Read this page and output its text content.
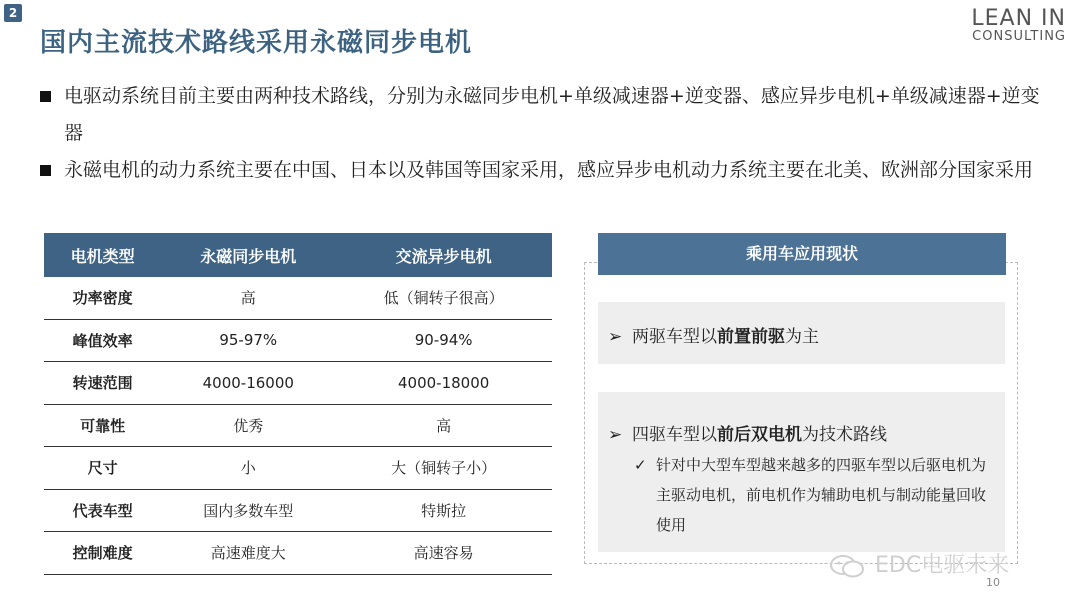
2
国内主流技术路线采用永磁同步电机
LEAN IN
CONSULTING
电驱动系统目前主要由两种技术路线，分别为永磁同步电机+单级减速器+逆变器、感应异步电机+单级减速器+逆变器
永磁电机的动力系统主要在中国、日本以及韩国等国家采用，感应异步电机动力系统主要在北美、欧洲部分国家采用
电机类型	永磁同步电机	交流异步电机
功率密度	高	低（铜转子很高）
峰值效率	95-97%	90-94%
转速范围	4000-16000	4000-18000
可靠性	优秀	高
尺寸	小	大（铜转子小）
代表车型	国内多数车型	特斯拉
控制难度	高速难度大	高速容易
乘用车应用现状
➢ 两驱车型以前置前驱为主
➢ 四驱车型以前后双电机为技术路线
✓ 针对中大型车型越来越多的四驱车型以后驱电机为主驱动电机，前电机作为辅助电机与制动能量回收使用
EDC电驱未来
10
